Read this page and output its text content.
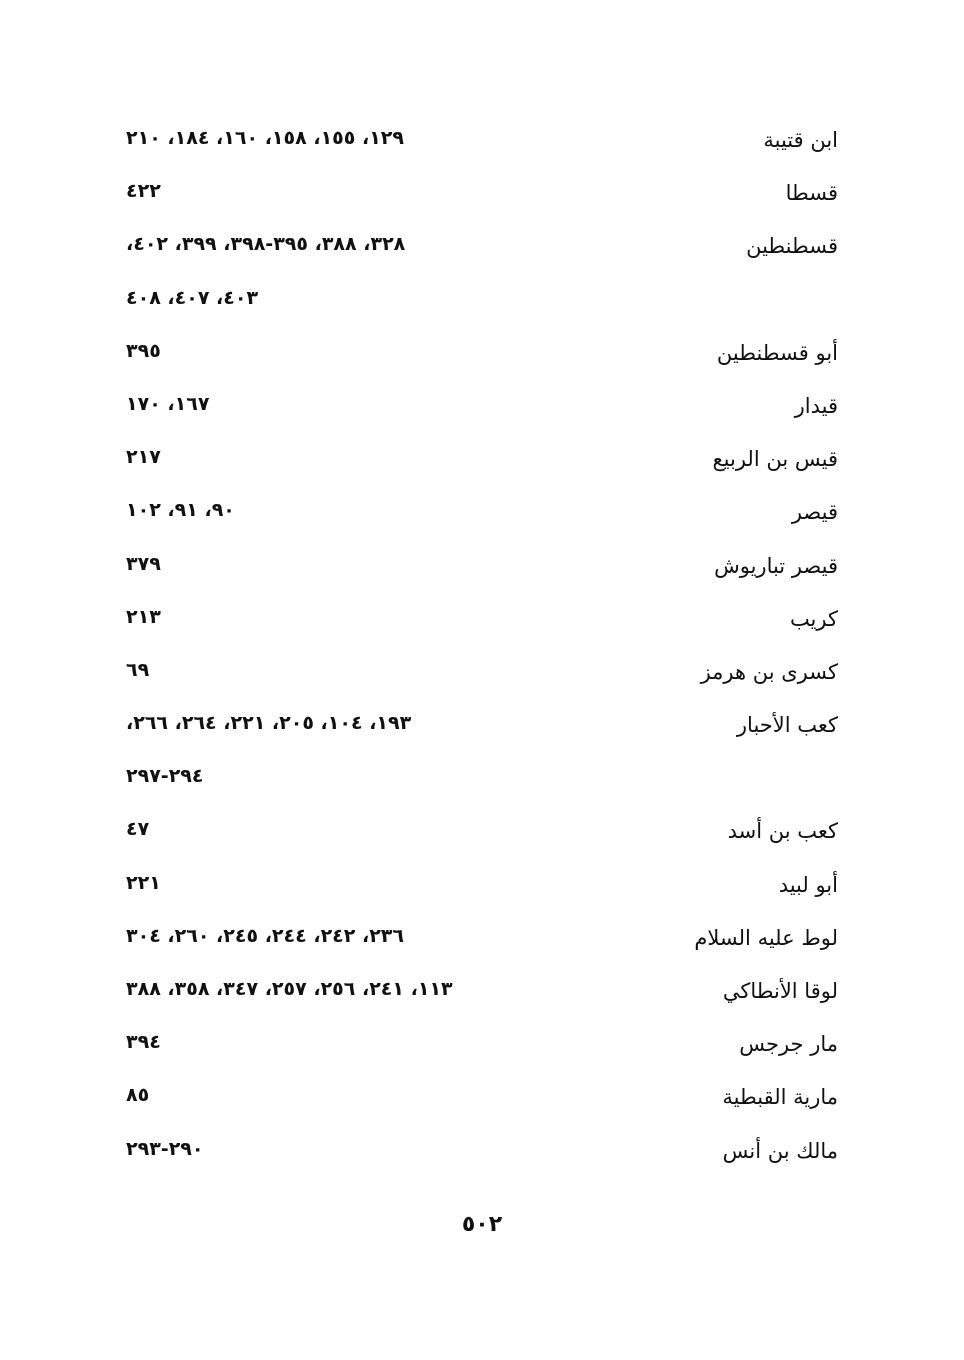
ابن قتيبة
١٢٩، ١٥٥، ١٥٨، ١٦٠، ١٨٤، ٢١٠
قسطا
٤٢٢
قسطنطين
٣٢٨، ٣٨٨، ٣٩٥-٣٩٨، ٣٩٩، ٤٠٢،
٤٠٣، ٤٠٧، ٤٠٨
أبو قسطنطين
٣٩٥
قيدار
١٦٧، ١٧٠
قيس بن الربيع
٢١٧
قيصر
٩٠، ٩١، ١٠٢
قيصر تباريوش
٣٧٩
كريب
٢١٣
كسرى بن هرمز
٦٩
كعب الأحبار
١٩٣، ١٠٤، ٢٠٥، ٢٢١، ٢٦٤، ٢٦٦،
٢٩٤-٢٩٧
كعب بن أسد
٤٧
أبو لبيد
٢٢١
لوط عليه السلام
٢٣٦، ٢٤٢، ٢٤٤، ٢٤٥، ٢٦٠، ٣٠٤
لوقا الأنطاكي
١١٣، ٢٤١، ٢٥٦، ٢٥٧، ٣٤٧، ٣٥٨، ٣٨٨
مار جرجس
٣٩٤
مارية القبطية
٨٥
مالك بن أنس
٢٩٠-٢٩٣
٥٠٢
